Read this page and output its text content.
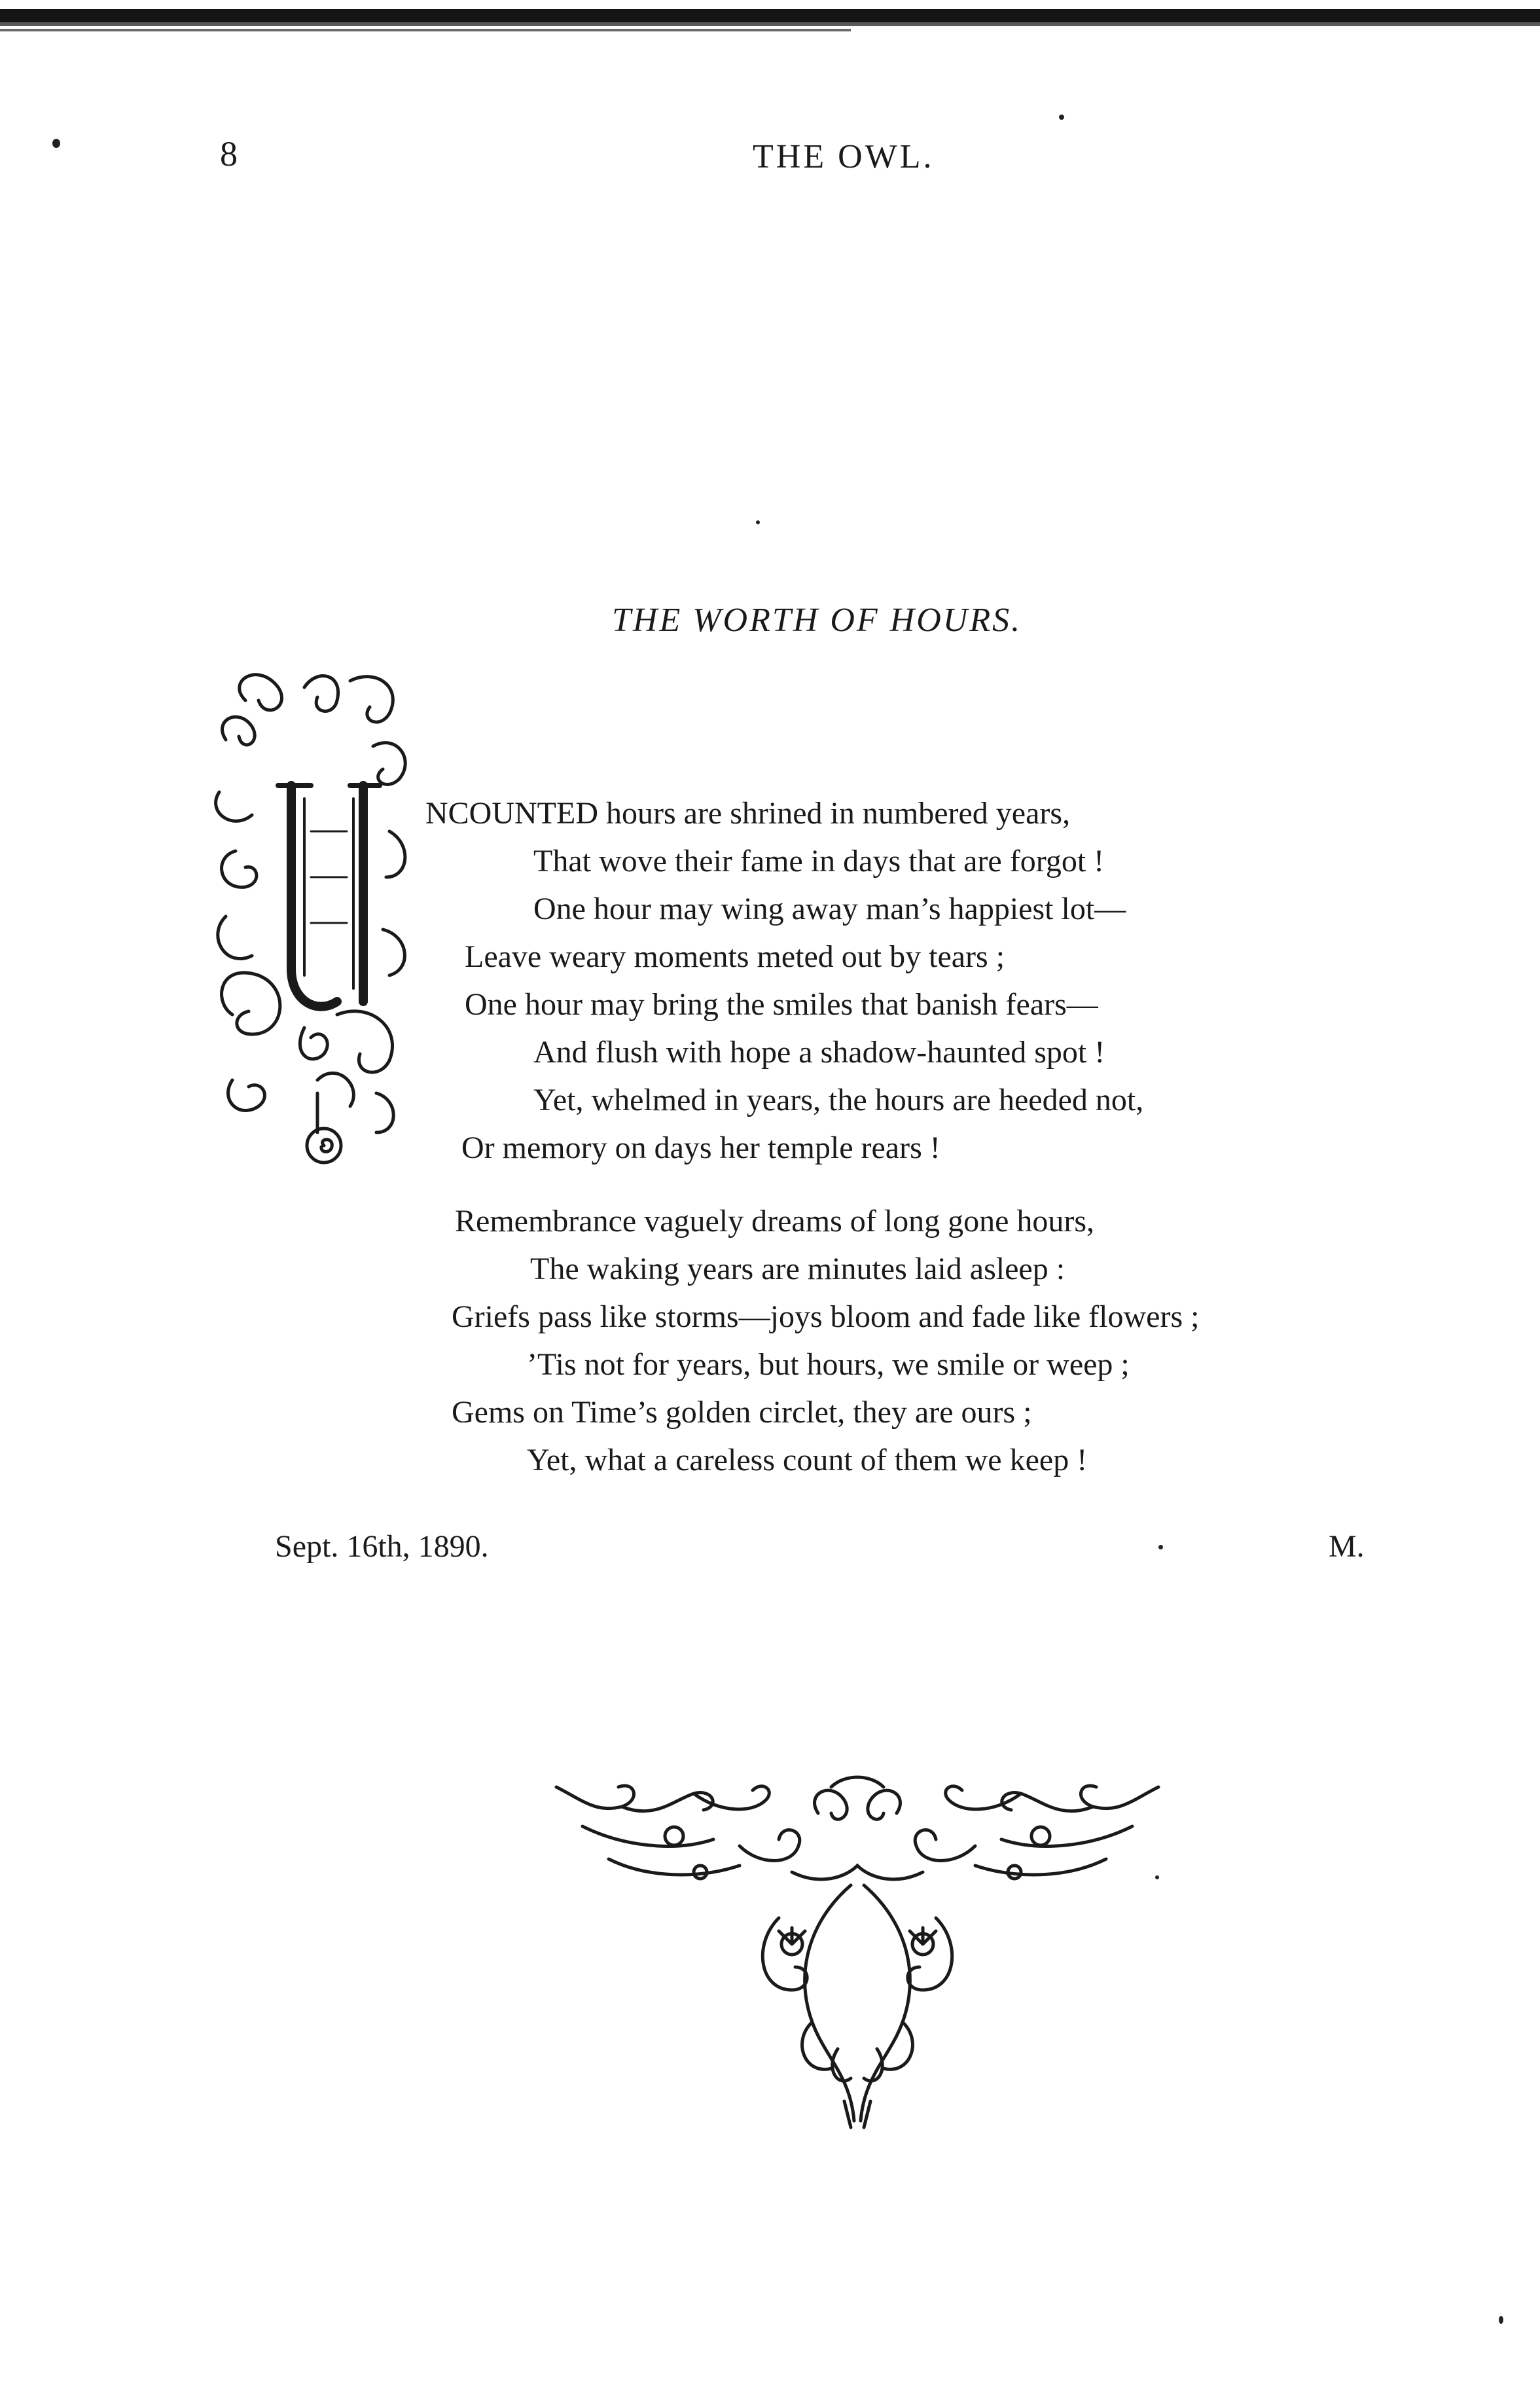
8	THE OWL.
THE WORTH OF HOURS.
NCOUNTED hours are shrined in numbered years,
That wove their fame in days that are forgot !
One hour may wing away man’s happiest lot—
Leave weary moments meted out by tears ;
One hour may bring the smiles that banish fears—
And flush with hope a shadow-haunted spot !
Yet, whelmed in years, the hours are heeded not,
Or memory on days her temple rears !
Remembrance vaguely dreams of long gone hours,
The waking years are minutes laid asleep :
Griefs pass like storms—joys bloom and fade like flowers ;
’Tis not for years, but hours, we smile or weep ;
Gems on Time’s golden circlet, they are ours ;
Yet, what a careless count of them we keep !
Sept. 16th, 1890.	M.
